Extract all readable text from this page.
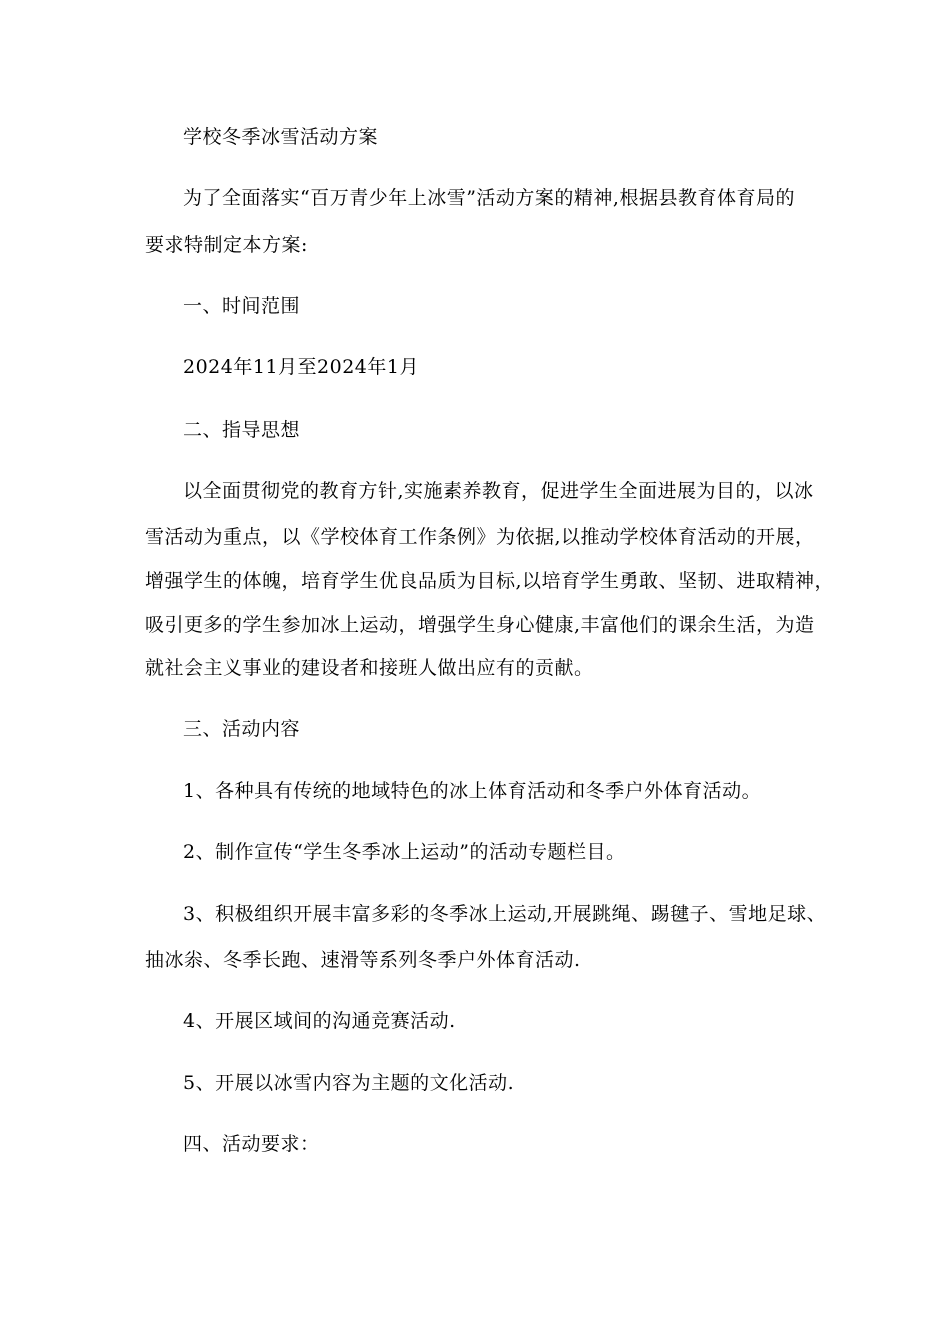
学校冬季冰雪活动方案
为了全面落实“百万青少年上冰雪”活动方案的精神,根据县教育体育局的
要求特制定本方案:
一、时间范围
2024年11月至2024年1月
二、指导思想
以全面贯彻党的教育方针,实施素养教育，促进学生全面进展为目的，以冰
雪活动为重点，以《学校体育工作条例》为依据,以推动学校体育活动的开展，
增强学生的体魄，培育学生优良品质为目标,以培育学生勇敢、坚韧、进取精神，
吸引更多的学生参加冰上运动，增强学生身心健康,丰富他们的课余生活，为造
就社会主义事业的建设者和接班人做出应有的贡献。
三、活动内容
1、各种具有传统的地域特色的冰上体育活动和冬季户外体育活动。
2、制作宣传“学生冬季冰上运动”的活动专题栏目。
3、积极组织开展丰富多彩的冬季冰上运动,开展跳绳、踢毽子、雪地足球、
抽冰尜、冬季长跑、速滑等系列冬季户外体育活动.
4、开展区域间的沟通竞赛活动.
5、开展以冰雪内容为主题的文化活动.
四、活动要求：
